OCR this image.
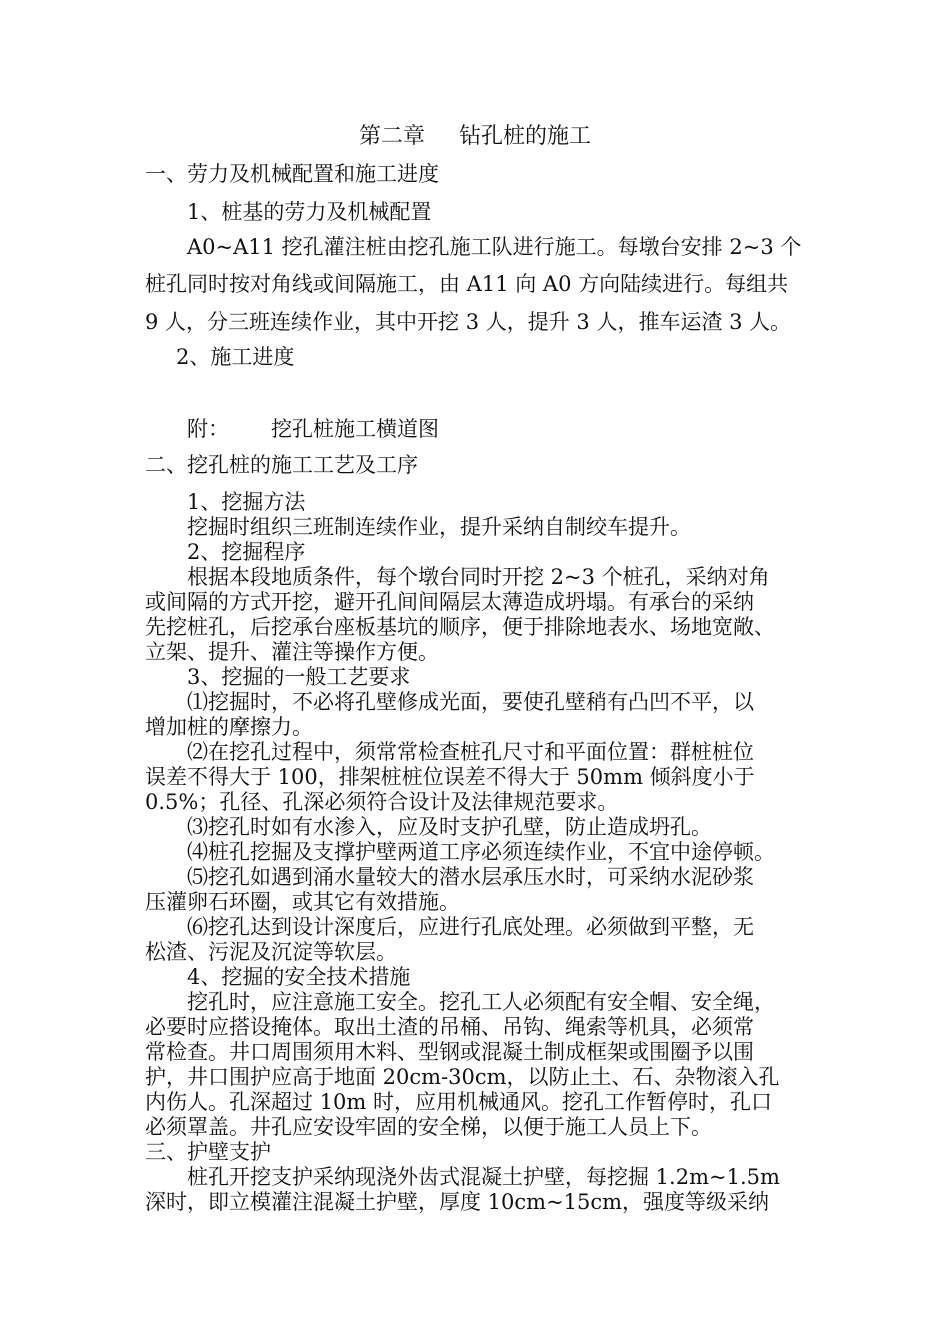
第二章 钻孔桩的施工

一、劳力及机械配置和施工进度

1、桩基的劳力及机械配置

A0~A11 挖孔灌注桩由挖孔施工队进行施工。每墩台安排 2~3 个

桩孔同时按对角线或间隔施工，由 A11 向 A0 方向陆续进行。每组共

9 人，分三班连续作业，其中开挖 3 人，提升 3 人，推车运渣 3 人。

2、施工进度

附： 挖孔桩施工横道图

二、挖孔桩的施工工艺及工序

1、挖掘方法

挖掘时组织三班制连续作业，提升采纳自制绞车提升。

2、挖掘程序

根据本段地质条件，每个墩台同时开挖 2~3 个桩孔，采纳对角

或间隔的方式开挖，避开孔间间隔层太薄造成坍塌。有承台的采纳

先挖桩孔，后挖承台座板基坑的顺序，便于排除地表水、场地宽敞、

立架、提升、灌注等操作方便。

3、挖掘的一般工艺要求

⑴挖掘时，不必将孔壁修成光面，要使孔壁稍有凸凹不平，以

增加桩的摩擦力。

⑵在挖孔过程中，须常常检查桩孔尺寸和平面位置：群桩桩位

误差不得大于 100，排架桩桩位误差不得大于 50mm 倾斜度小于

0.5%；孔径、孔深必须符合设计及法律规范要求。

⑶挖孔时如有水渗入，应及时支护孔壁，防止造成坍孔。

⑷桩孔挖掘及支撑护壁两道工序必须连续作业，不宜中途停顿。

⑸挖孔如遇到涌水量较大的潜水层承压水时，可采纳水泥砂浆

压灌卵石环圈，或其它有效措施。

⑹挖孔达到设计深度后，应进行孔底处理。必须做到平整，无

松渣、污泥及沉淀等软层。

4、挖掘的安全技术措施

挖孔时，应注意施工安全。挖孔工人必须配有安全帽、安全绳，

必要时应搭设掩体。取出土渣的吊桶、吊钩、绳索等机具，必须常

常检查。井口周围须用木料、型钢或混凝土制成框架或围圈予以围

护，井口围护应高于地面 20cm-30cm，以防止土、石、杂物滚入孔

内伤人。孔深超过 10m 时，应用机械通风。挖孔工作暂停时，孔口

必须罩盖。井孔应安设牢固的安全梯，以便于施工人员上下。

三、护壁支护

桩孔开挖支护采纳现浇外齿式混凝土护壁，每挖掘 1.2m~1.5m

深时，即立模灌注混凝土护壁，厚度 10cm~15cm，强度等级采纳
